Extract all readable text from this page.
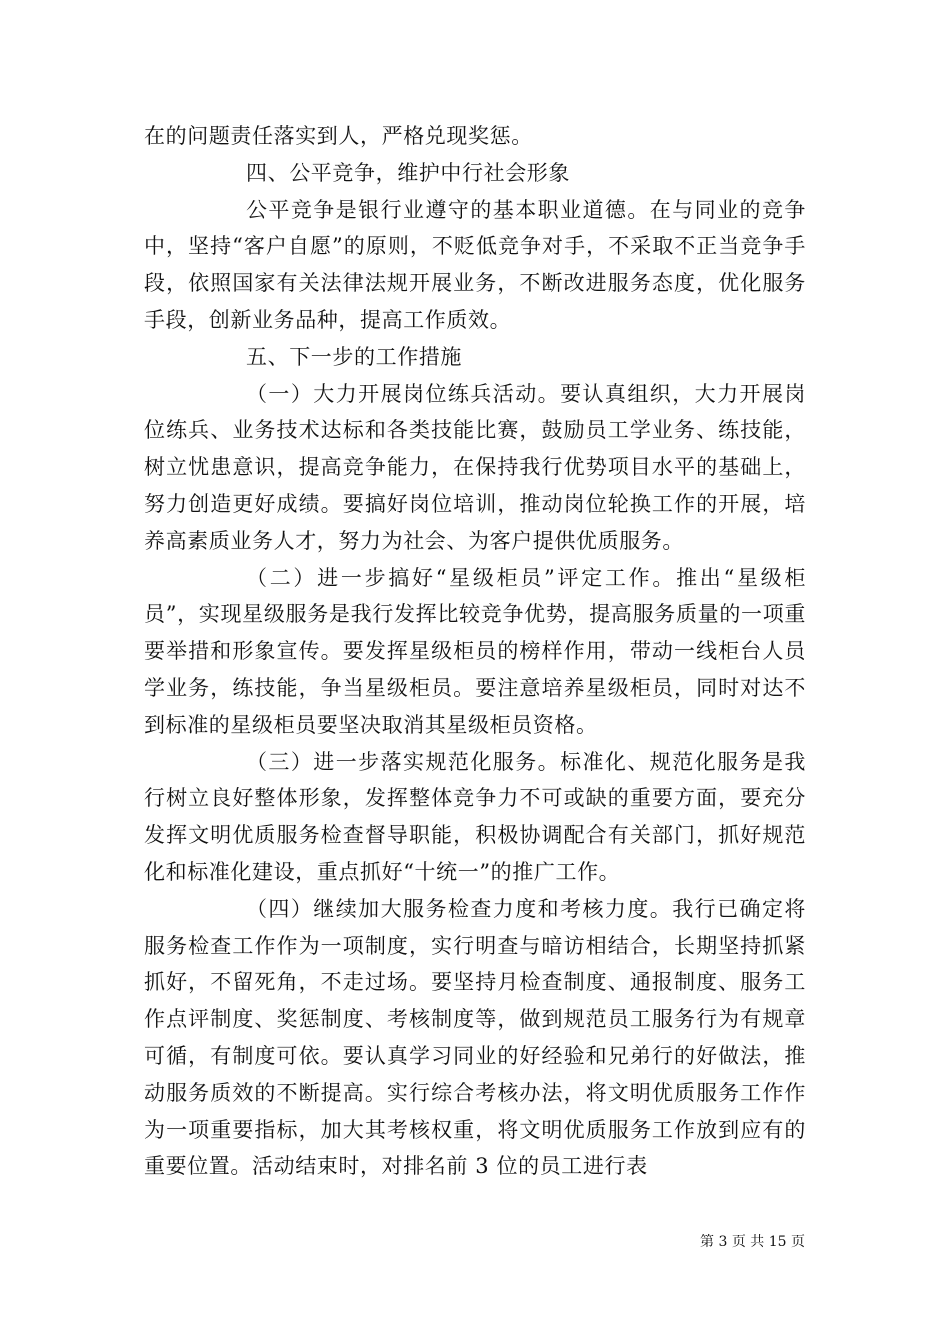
在的问题责任落实到人，严格兑现奖惩。

四、公平竞争，维护中行社会形象

公平竞争是银行业遵守的基本职业道德。在与同业的竞争中，坚持“客户自愿”的原则，不贬低竞争对手，不采取不正当竞争手段，依照国家有关法律法规开展业务，不断改进服务态度，优化服务手段，创新业务品种，提高工作质效。

五、下一步的工作措施

（一）大力开展岗位练兵活动。要认真组织，大力开展岗位练兵、业务技术达标和各类技能比赛，鼓励员工学业务、练技能，树立忧患意识，提高竞争能力，在保持我行优势项目水平的基础上，努力创造更好成绩。要搞好岗位培训，推动岗位轮换工作的开展，培养高素质业务人才，努力为社会、为客户提供优质服务。

（二）进一步搞好“星级柜员”评定工作。推出“星级柜员”，实现星级服务是我行发挥比较竞争优势，提高服务质量的一项重要举措和形象宣传。要发挥星级柜员的榜样作用，带动一线柜台人员学业务，练技能，争当星级柜员。要注意培养星级柜员，同时对达不到标准的星级柜员要坚决取消其星级柜员资格。

（三）进一步落实规范化服务。标准化、规范化服务是我行树立良好整体形象，发挥整体竞争力不可或缺的重要方面，要充分发挥文明优质服务检查督导职能，积极协调配合有关部门，抓好规范化和标准化建设，重点抓好“十统一”的推广工作。

（四）继续加大服务检查力度和考核力度。我行已确定将服务检查工作作为一项制度，实行明查与暗访相结合，长期坚持抓紧抓好，不留死角，不走过场。要坚持月检查制度、通报制度、服务工作点评制度、奖惩制度、考核制度等，做到规范员工服务行为有规章可循，有制度可依。要认真学习同业的好经验和兄弟行的好做法，推动服务质效的不断提高。实行综合考核办法，将文明优质服务工作作为一项重要指标，加大其考核权重，将文明优质服务工作放到应有的重要位置。活动结束时，对排名前 3 位的员工进行表

第 3 页 共 15 页
